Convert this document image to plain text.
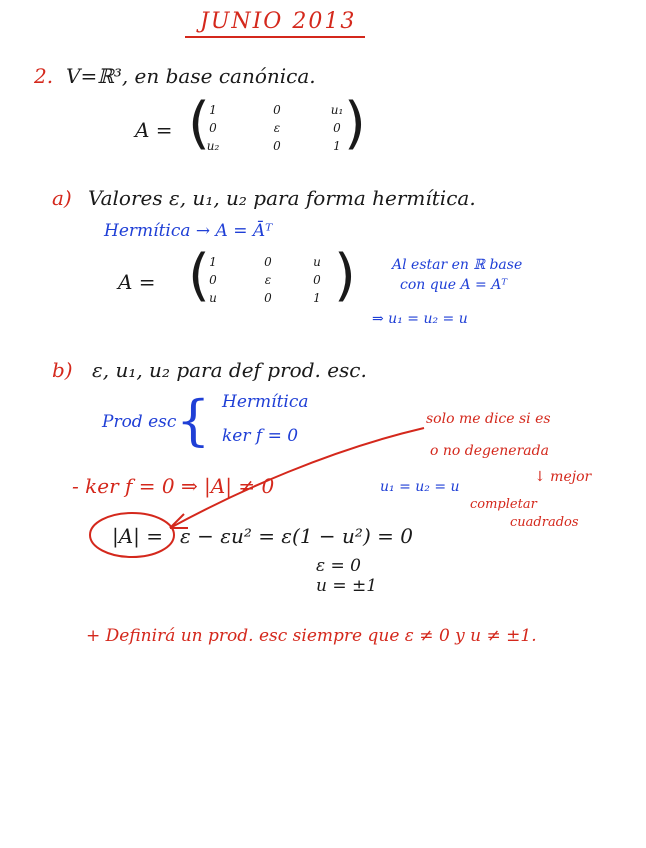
JUNIO 2013
2. V=ℝ³, en base canónica.
A = ( )
1	0	u₁
0	ε	0
u₂	0	1
a) Valores ε, u₁, u₂ para forma hermítica.
Hermítica → A = Āᵀ
A = ( )
1	0	u
0	ε	0
u	0	1
Al estar en ℝ base
con que A = Aᵀ
⇒ u₁ = u₂ = u
b) ε, u₁, u₂ para def prod. esc.
Prod esc { Hermítica
ker f = 0
solo me dice si es
o no degenerada
↓ mejor
completar
cuadrados
- ker f = 0 ⇒ |A| ≠ 0	u₁ = u₂ = u
|A| = ε − εu² = ε(1 − u²) = 0
ε = 0
u = ±1
+ Definirá un prod. esc siempre que ε ≠ 0 y u ≠ ±1.
